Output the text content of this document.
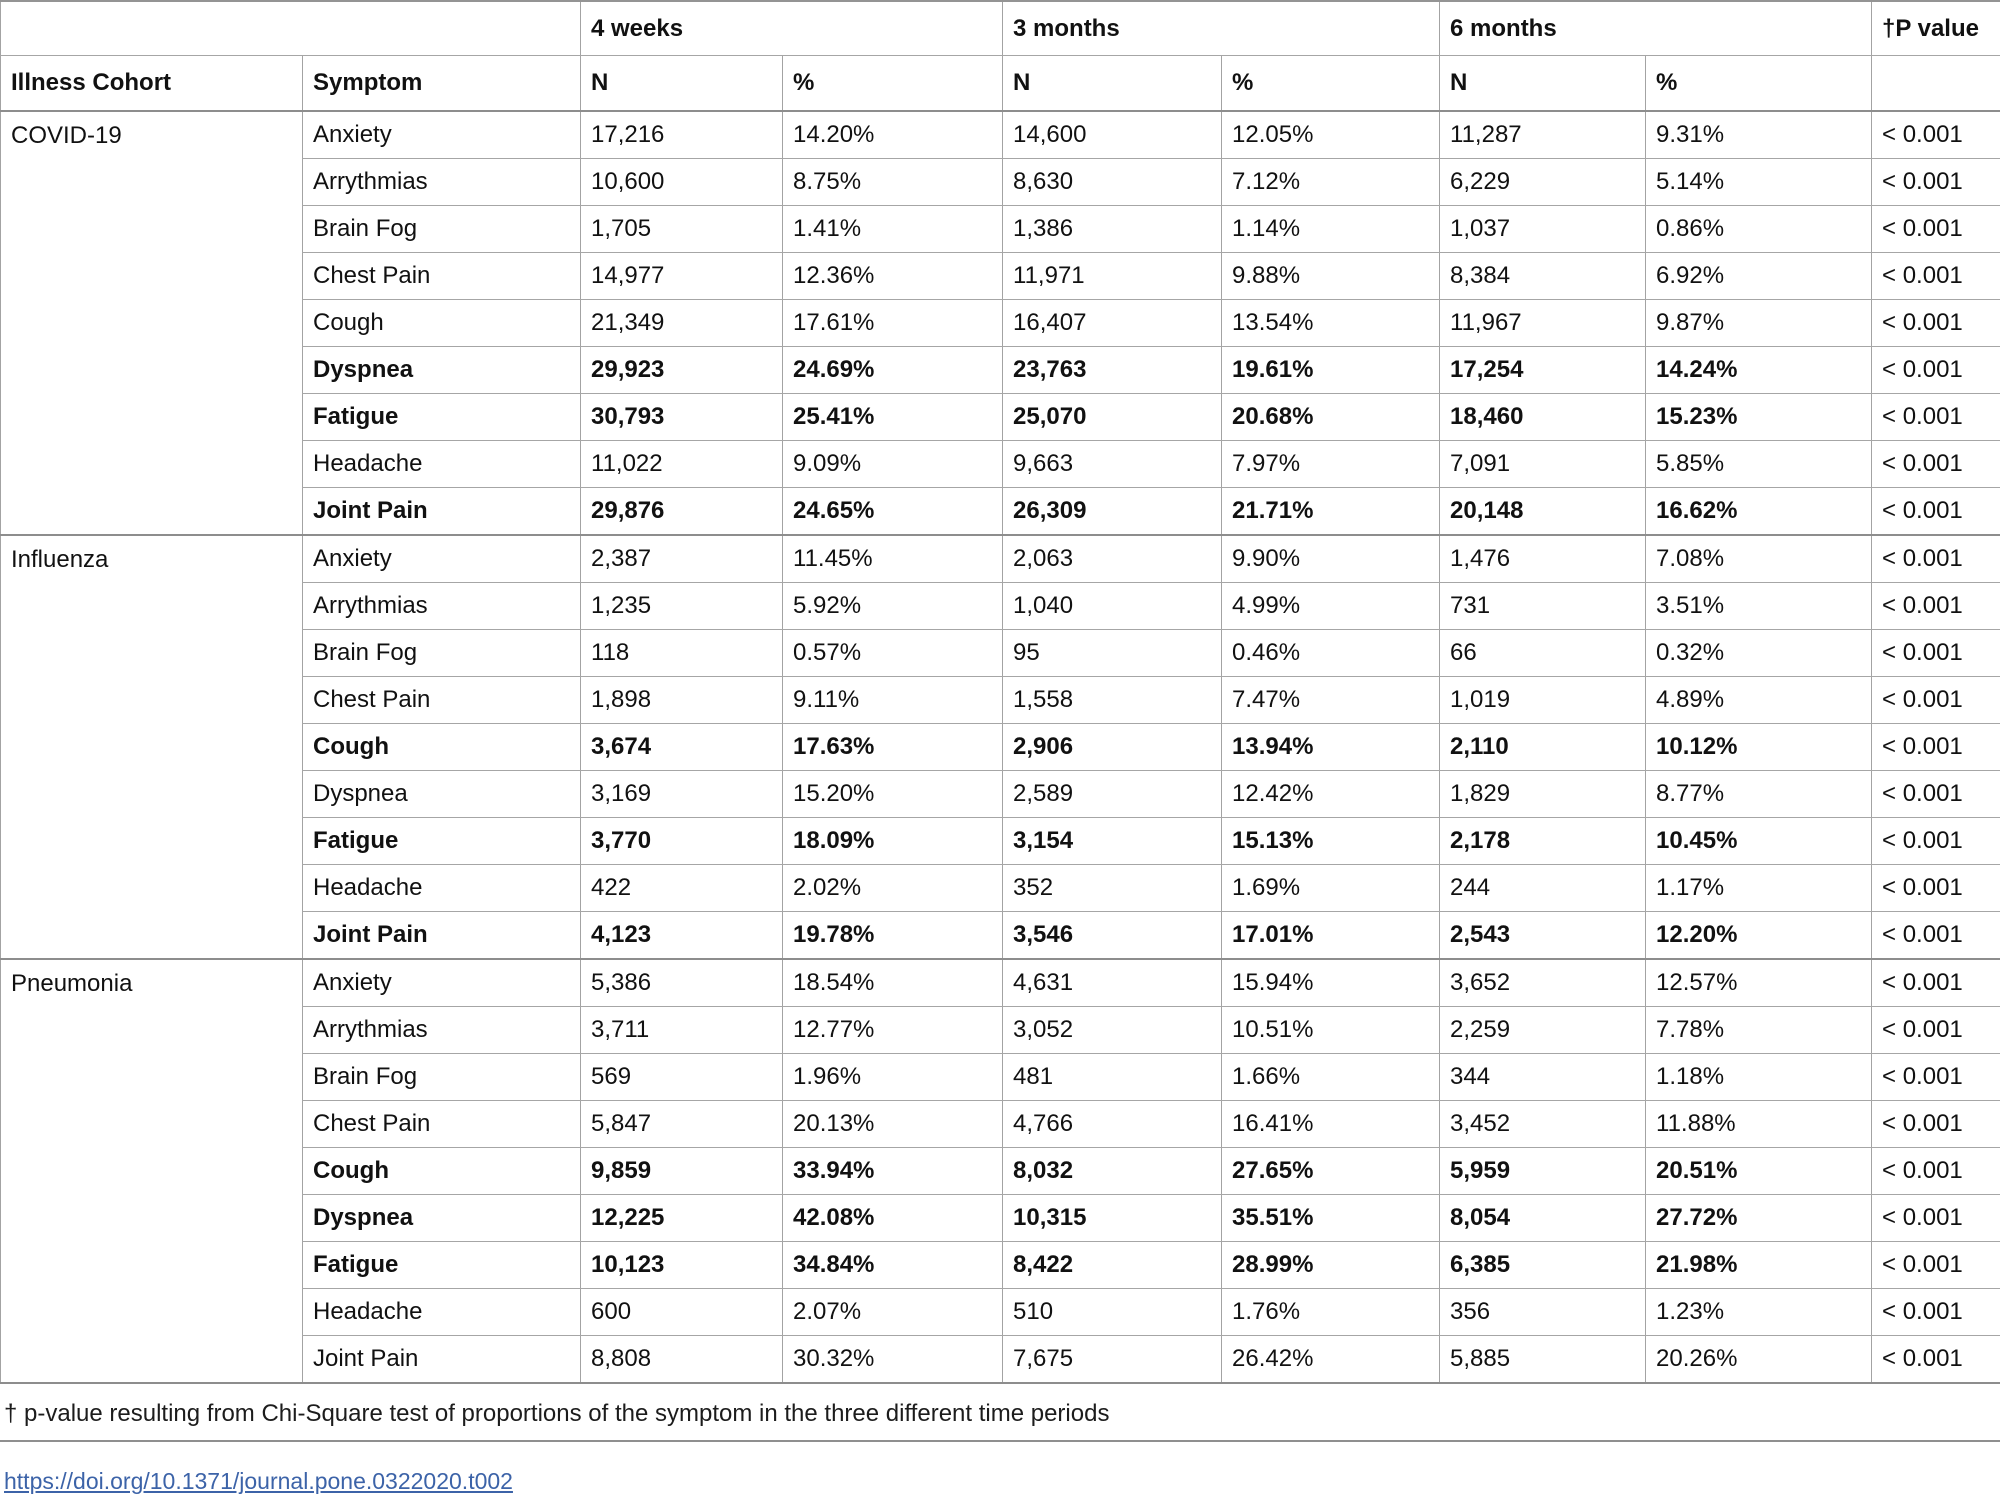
		4 weeks		3 months		6 months		†P value
Illness Cohort	Symptom	N	%	N	%	N	%	
COVID-19	Anxiety	17,216	14.20%	14,600	12.05%	11,287	9.31%	< 0.001
	Arrythmias	10,600	8.75%	8,630	7.12%	6,229	5.14%	< 0.001
	Brain Fog	1,705	1.41%	1,386	1.14%	1,037	0.86%	< 0.001
	Chest Pain	14,977	12.36%	11,971	9.88%	8,384	6.92%	< 0.001
	Cough	21,349	17.61%	16,407	13.54%	11,967	9.87%	< 0.001
	Dyspnea	29,923	24.69%	23,763	19.61%	17,254	14.24%	< 0.001
	Fatigue	30,793	25.41%	25,070	20.68%	18,460	15.23%	< 0.001
	Headache	11,022	9.09%	9,663	7.97%	7,091	5.85%	< 0.001
	Joint Pain	29,876	24.65%	26,309	21.71%	20,148	16.62%	< 0.001
Influenza	Anxiety	2,387	11.45%	2,063	9.90%	1,476	7.08%	< 0.001
	Arrythmias	1,235	5.92%	1,040	4.99%	731	3.51%	< 0.001
	Brain Fog	118	0.57%	95	0.46%	66	0.32%	< 0.001
	Chest Pain	1,898	9.11%	1,558	7.47%	1,019	4.89%	< 0.001
	Cough	3,674	17.63%	2,906	13.94%	2,110	10.12%	< 0.001
	Dyspnea	3,169	15.20%	2,589	12.42%	1,829	8.77%	< 0.001
	Fatigue	3,770	18.09%	3,154	15.13%	2,178	10.45%	< 0.001
	Headache	422	2.02%	352	1.69%	244	1.17%	< 0.001
	Joint Pain	4,123	19.78%	3,546	17.01%	2,543	12.20%	< 0.001
Pneumonia	Anxiety	5,386	18.54%	4,631	15.94%	3,652	12.57%	< 0.001
	Arrythmias	3,711	12.77%	3,052	10.51%	2,259	7.78%	< 0.001
	Brain Fog	569	1.96%	481	1.66%	344	1.18%	< 0.001
	Chest Pain	5,847	20.13%	4,766	16.41%	3,452	11.88%	< 0.001
	Cough	9,859	33.94%	8,032	27.65%	5,959	20.51%	< 0.001
	Dyspnea	12,225	42.08%	10,315	35.51%	8,054	27.72%	< 0.001
	Fatigue	10,123	34.84%	8,422	28.99%	6,385	21.98%	< 0.001
	Headache	600	2.07%	510	1.76%	356	1.23%	< 0.001
	Joint Pain	8,808	30.32%	7,675	26.42%	5,885	20.26%	< 0.001
† p-value resulting from Chi-Square test of proportions of the symptom in the three different time periods
https://doi.org/10.1371/journal.pone.0322020.t002
